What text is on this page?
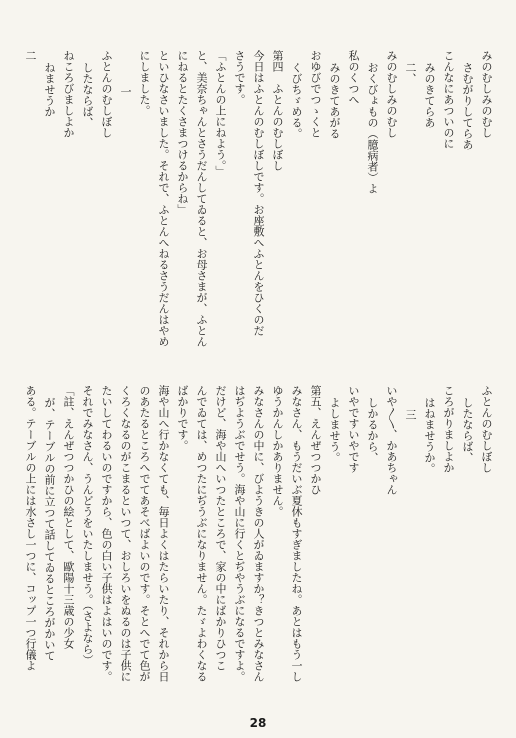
みのむしみのむし
さむがりしてらあ
こんなにあついのに
みのきてらあ
二、
みのむしみのむし
おくびょもの（臆病者）よ
私のくつへ
みのきてあがる
おゆびでつゝくと
くびちゞめる。
第四　ふとんのむしぼし
今日はふとんのむしぼしです。お座敷へふとんをひくのだ
さうです。
「ふとんの上にねよう。」
と、美奈ちゃんとさうだんしてゐると、お母さまが、ふとん
にねるとたくさまつけるからね」
といひなさいました。それで、ふとんへねるさうだんはやめ
にしました。
一
ふとんのむしぼし
したならば、
ねころびましよか
ねませうか
二
ふとんのむしぼし
したならば、
ころがりましよか
はねませうか。
三
いや〳〵、かあちゃん
しかるから、
いやですいやです
よしませう。
第五、えんぜつつかひ
みなさん、もうだいぶ夏休もすぎましたね。あとはもう一し
ゆうかんしかありません。
みなさんの中に、びようきの人がゐますか？きつとみなさん
はぢようぶでせう。海や山に行くとぢやうぶになるですよ。
だけど、海や山へいつたところで、家の中にばかりひつこ
んでゐては、めつたにぢうぶになりません。たゞよわくなる
ばかりです。
海や山へ行かなくても、毎日よくはたらいたり、それから日
のあたるところへでてあそべばよいのです。そとへでて色が
くろくなるのがこまるといつて、おしろいをぬるのは子供に
たいしてわるいのですから、色の白い子供はよはいのです。
それでみなさん、うんどうをいたしませう。（さよなら）
「註、えんぜつつかひの絵として、歐陽十三歳の少女
が、テーブルの前に立つて話してゐるところがかいて
ある。テーブルの上には水さし一つに、コップ一つ行儀よ
28
